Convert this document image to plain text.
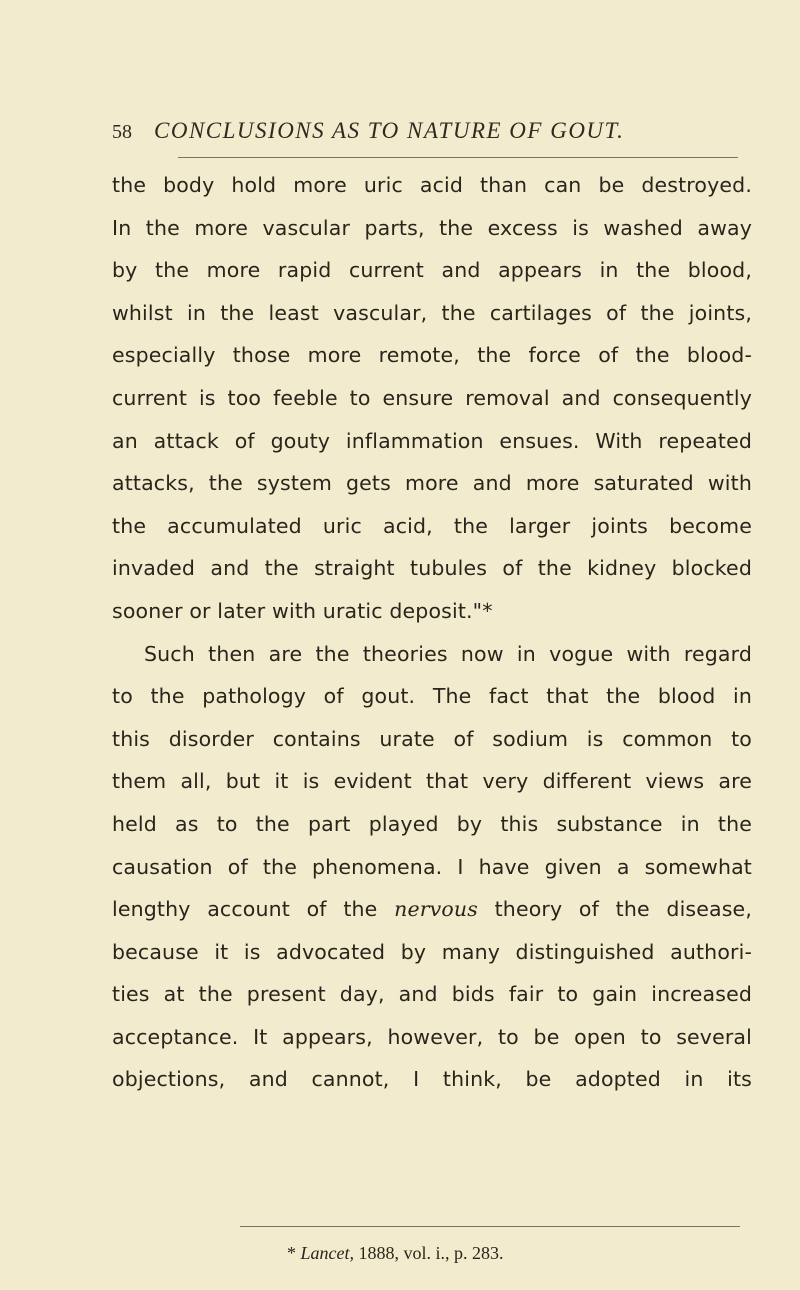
58 CONCLUSIONS AS TO NATURE OF GOUT.
the body hold more uric acid than can be destroyed.
In the more vascular parts, the excess is washed away
by the more rapid current and appears in the blood,
whilst in the least vascular, the cartilages of the joints,
especially those more remote, the force of the blood-
current is too feeble to ensure removal and consequently
an attack of gouty inflammation ensues. With repeated
attacks, the system gets more and more saturated with
the accumulated uric acid, the larger joints become
invaded and the straight tubules of the kidney blocked
sooner or later with uratic deposit."*
Such then are the theories now in vogue with regard
to the pathology of gout. The fact that the blood in
this disorder contains urate of sodium is common to
them all, but it is evident that very different views are
held as to the part played by this substance in the
causation of the phenomena. I have given a somewhat
lengthy account of the nervous theory of the disease,
because it is advocated by many distinguished authori-
ties at the present day, and bids fair to gain increased
acceptance. It appears, however, to be open to several
objections, and cannot, I think, be adopted in its
* Lancet, 1888, vol. i., p. 283.
